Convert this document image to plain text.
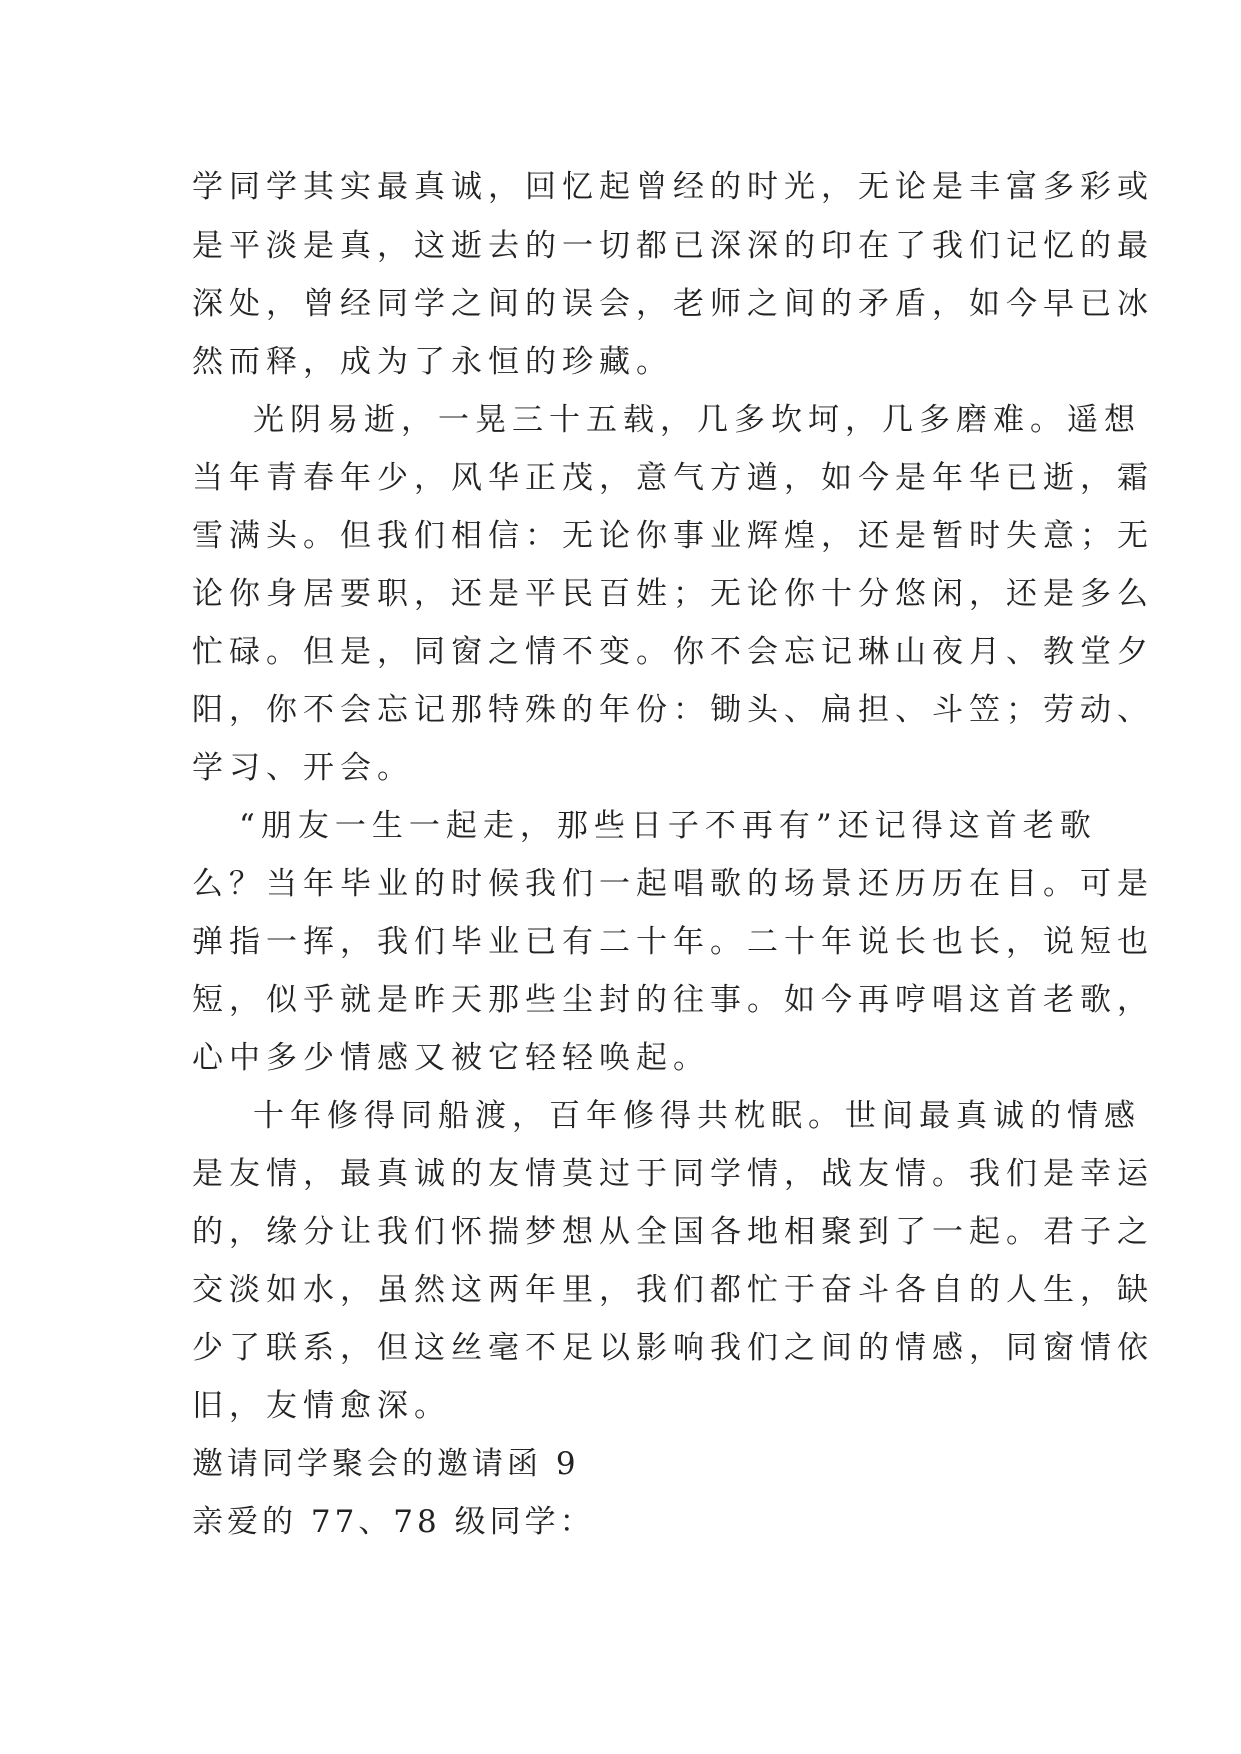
学同学其实最真诚，回忆起曾经的时光，无论是丰富多彩或
是平淡是真，这逝去的一切都已深深的印在了我们记忆的最
深处，曾经同学之间的误会，老师之间的矛盾，如今早已冰
然而释，成为了永恒的珍藏。
光阴易逝，一晃三十五载，几多坎坷，几多磨难。遥想
当年青春年少，风华正茂，意气方遒，如今是年华已逝，霜
雪满头。但我们相信：无论你事业辉煌，还是暂时失意；无
论你身居要职，还是平民百姓；无论你十分悠闲，还是多么
忙碌。但是，同窗之情不变。你不会忘记琳山夜月、教堂夕
阳，你不会忘记那特殊的年份：锄头、扁担、斗笠；劳动、
学习、开会。
“朋友一生一起走，那些日子不再有”还记得这首老歌
么？当年毕业的时候我们一起唱歌的场景还历历在目。可是
弹指一挥，我们毕业已有二十年。二十年说长也长，说短也
短，似乎就是昨天那些尘封的往事。如今再哼唱这首老歌，
心中多少情感又被它轻轻唤起。
十年修得同船渡，百年修得共枕眠。世间最真诚的情感
是友情，最真诚的友情莫过于同学情，战友情。我们是幸运
的，缘分让我们怀揣梦想从全国各地相聚到了一起。君子之
交淡如水，虽然这两年里，我们都忙于奋斗各自的人生，缺
少了联系，但这丝毫不足以影响我们之间的情感，同窗情依
旧，友情愈深。
邀请同学聚会的邀请函 9
亲爱的 77、78 级同学：
